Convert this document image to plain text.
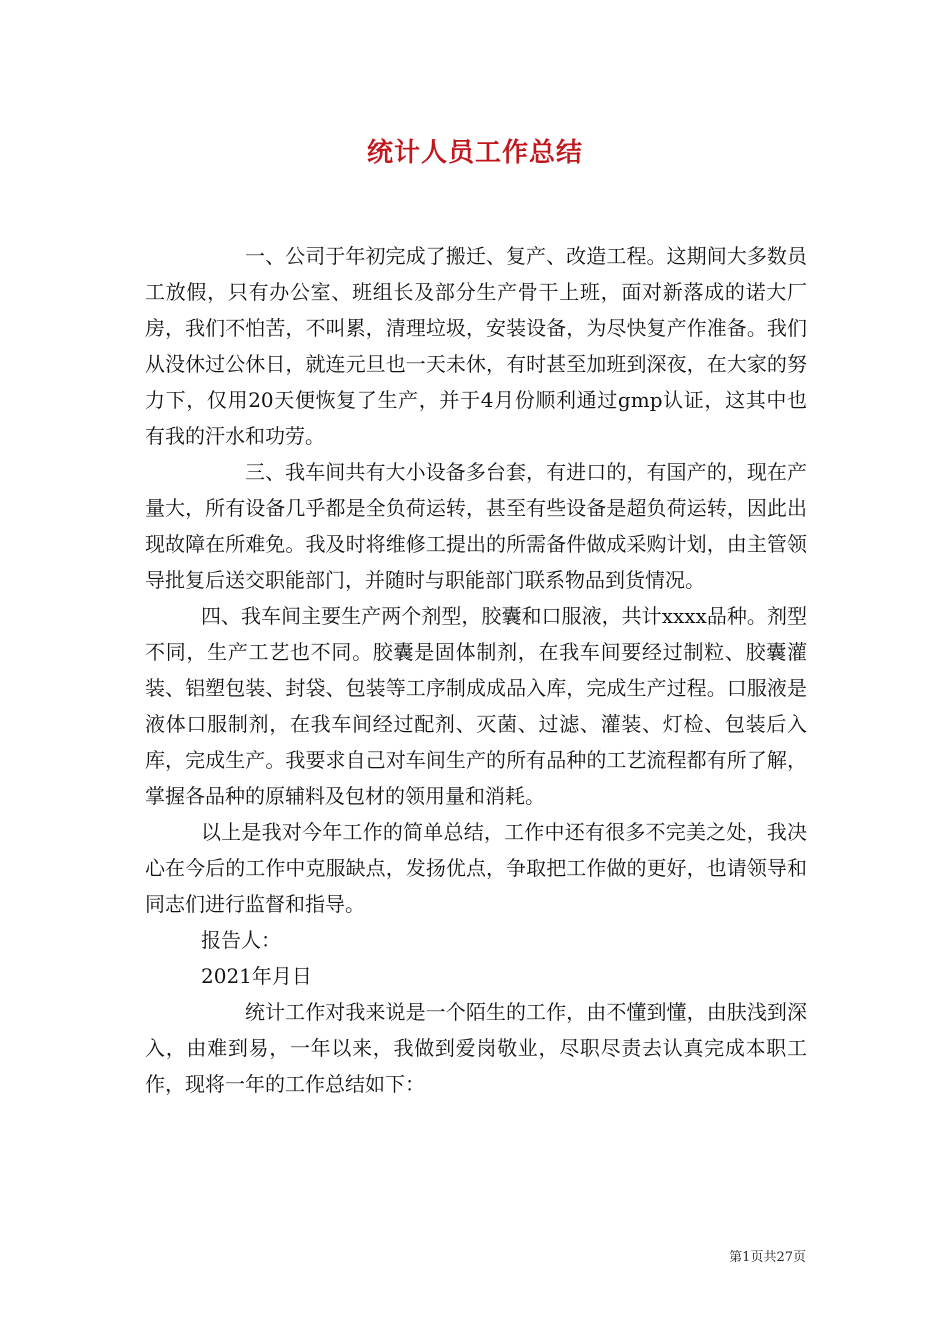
统计人员工作总结

一、公司于年初完成了搬迁、复产、改造工程。这期间大多数员工放假，只有办公室、班组长及部分生产骨干上班，面对新落成的诺大厂房，我们不怕苦，不叫累，清理垃圾，安装设备，为尽快复产作准备。我们从没休过公休日，就连元旦也一天未休，有时甚至加班到深夜，在大家的努力下，仅用20天便恢复了生产，并于4月份顺利通过gmp认证，这其中也有我的汗水和功劳。

三、我车间共有大小设备多台套，有进口的，有国产的，现在产量大，所有设备几乎都是全负荷运转，甚至有些设备是超负荷运转，因此出现故障在所难免。我及时将维修工提出的所需备件做成采购计划，由主管领导批复后送交职能部门，并随时与职能部门联系物品到货情况。

四、我车间主要生产两个剂型，胶囊和口服液，共计xxxx品种。剂型不同，生产工艺也不同。胶囊是固体制剂，在我车间要经过制粒、胶囊灌装、铝塑包装、封袋、包装等工序制成成品入库，完成生产过程。口服液是液体口服制剂，在我车间经过配剂、灭菌、过滤、灌装、灯检、包装后入库，完成生产。我要求自己对车间生产的所有品种的工艺流程都有所了解，掌握各品种的原辅料及包材的领用量和消耗。

以上是我对今年工作的简单总结，工作中还有很多不完美之处，我决心在今后的工作中克服缺点，发扬优点，争取把工作做的更好，也请领导和同志们进行监督和指导。

报告人：

2021年月日

统计工作对我来说是一个陌生的工作，由不懂到懂，由肤浅到深入，由难到易，一年以来，我做到爱岗敬业，尽职尽责去认真完成本职工作，现将一年的工作总结如下：

第1页共27页
